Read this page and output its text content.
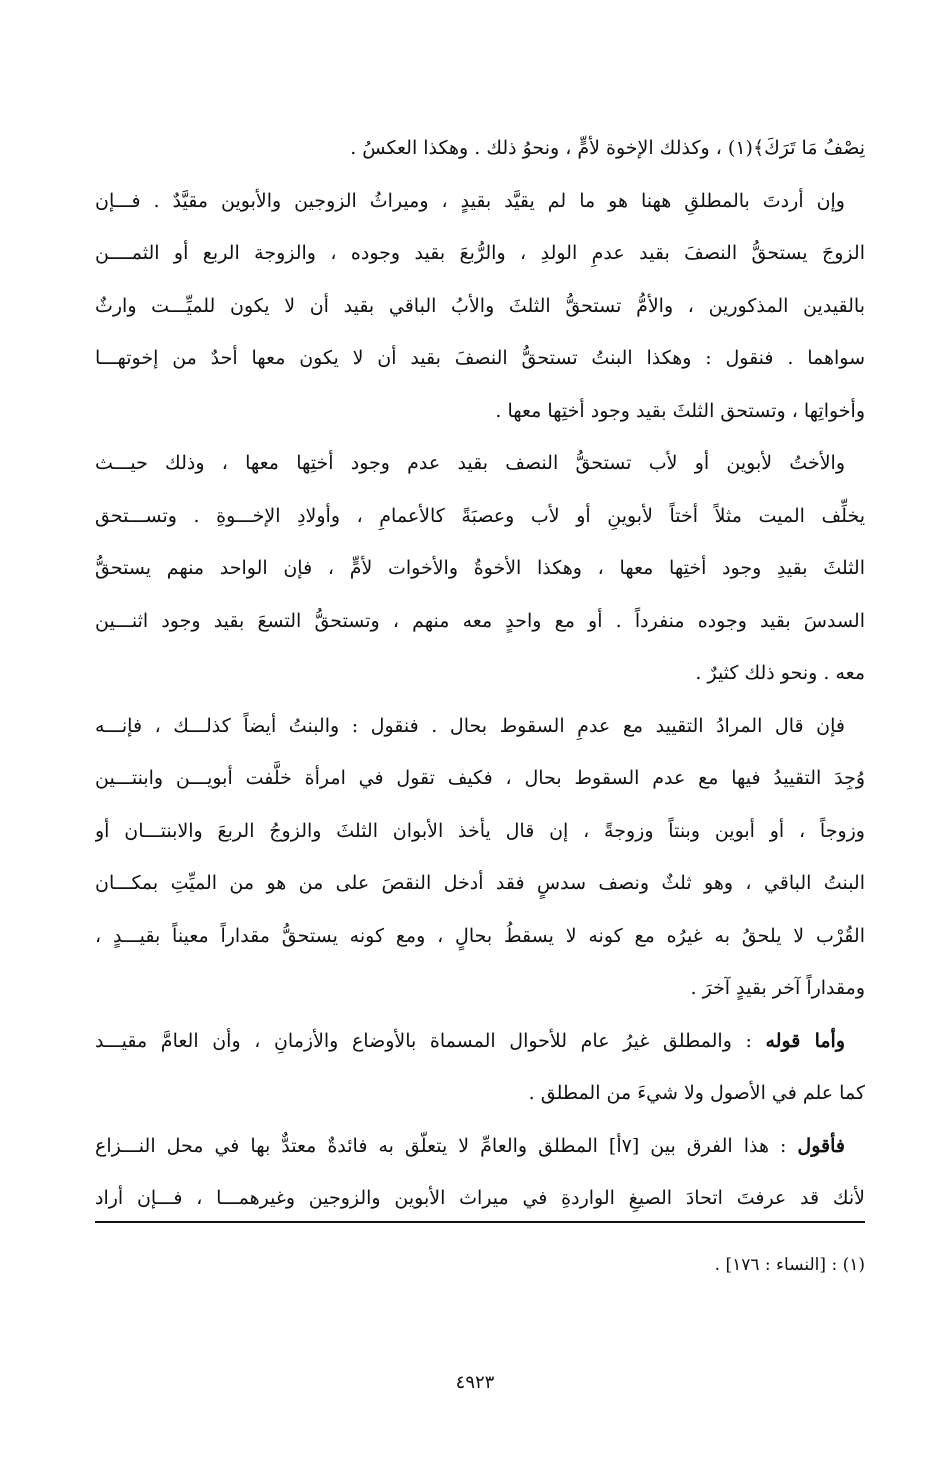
نِصْفُ مَا تَرَكَ﴾(١) ، وكذلك الإخوة لأمٍّ ، ونحوُ ذلك . وهكذا العكسُ .
وإن أردتَ بالمطلقِ ههنا هو ما لم يقيَّد بقيدٍ ، وميراثُ الزوجين والأبوين مقيَّدٌ . فـــإن
الزوجَ يستحقُّ النصفَ بقيد عدمِ الولدِ ، والرُّبعَ بقيد وجوده ، والزوجة الربع أو الثمــــن
بالقيدين المذكورين ، والأمُّ تستحقُّ الثلثَ والأبُ الباقي بقيد أن لا يكون للميِّـــت وارثٌ
سواهما . فنقول : وهكذا البنتُ تستحقُّ النصفَ بقيد أن لا يكون معها أحدٌ من إخوتهـــا
وأخواتِها ، وتستحق الثلثَ بقيد وجود أختِها معها .
والأختُ لأبوين أو لأب تستحقُّ النصف بقيد عدم وجود أختِها معها ، وذلك حيـــث
يخلِّف الميت مثلاً أختاً لأبوينِ أو لأب وعصبَةً كالأعمامِ ، وأولادِ الإخـــوةِ . وتســـتحق
الثلثَ بقيدِ وجود أختِها معها ، وهكذا الأخوةُ والأخوات لأمٍّ ، فإن الواحد منهم يستحقُّ
السدسَ بقيد وجوده منفرداً . أو مع واحدٍ معه منهم ، وتستحقُّ التسعَ بقيد وجود اثنـــين
معه . ونحو ذلك كثيرٌ .
فإن قال المرادُ التقييد مع عدمِ السقوط بحال . فنقول : والبنتُ أيضاً كذلـــك ، فإنـــه
وُجِدَ التقييدُ فيها مع عدم السقوط بحال ، فكيف تقول في امرأة خلَّفت أبويـــن وابنتـــين
وزوجاً ، أو أبوين وبنتاً وزوجةً ، إن قال يأخذ الأبوان الثلثَ والزوجُ الربعَ والابنتـــان أو
البنتُ الباقي ، وهو ثلثٌ ونصف سدسٍ فقد أدخل النقصَ على من هو من الميِّتِ بمكـــان
القُرْب لا يلحقُ به غيرُه مع كونه لا يسقطُ بحالٍ ، ومع كونه يستحقُّ مقداراً معيناً بقيـــدٍ ،
ومقداراً آخر بقيدٍ آخرَ .
وأما قوله : والمطلق غيرُ عام للأحوال المسماة بالأوضاع والأزمانِ ، وأن العامَّ مقيـــد
كما علم في الأصول ولا شيءَ من المطلق .
فأقول : هذا الفرق بين [٧أ] المطلق والعامِّ لا يتعلّق به فائدةٌ معتدٌّ بها في محل النـــزاع
لأنك قد عرفتَ اتحادَ الصيغِ الواردةِ في ميراث الأبوين والزوجين وغيرهمـــا ، فـــإن أراد
(١) : [النساء : ١٧٦] .
٤٩٢٣
